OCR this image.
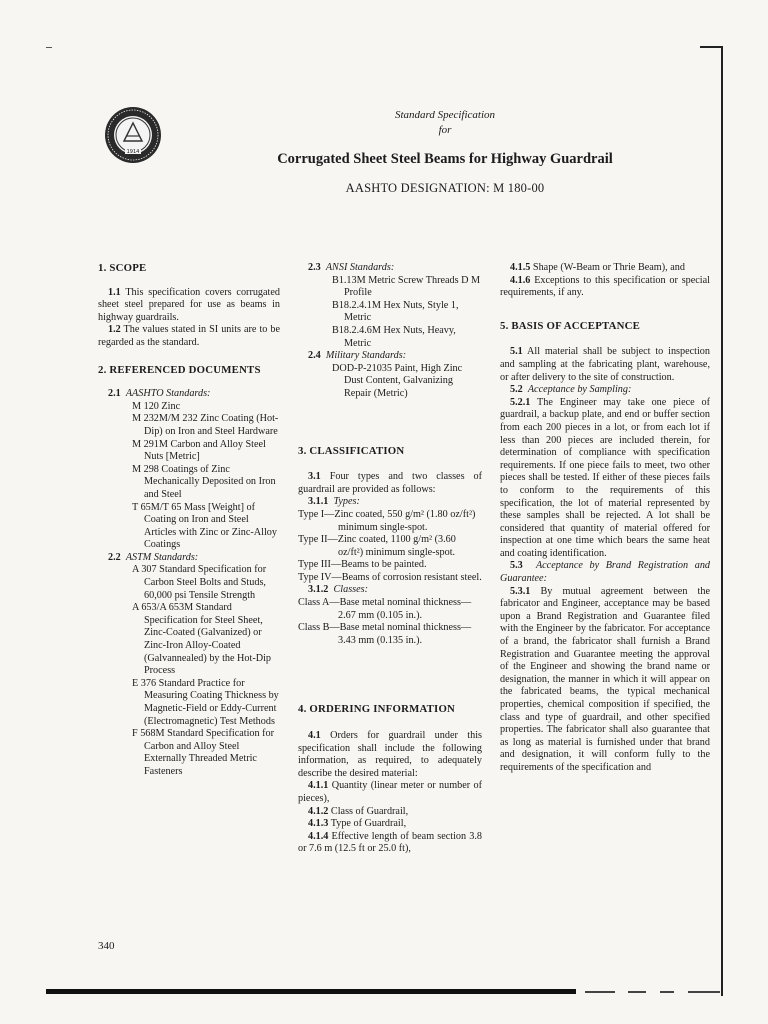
1914
Standard Specification
for
Corrugated Sheet Steel Beams for Highway Guardrail
AASHTO DESIGNATION: M 180-00

1. SCOPE

1.1 This specification covers corrugated sheet steel prepared for use as beams in highway guardrails.

1.2 The values stated in SI units are to be regarded as the standard.

2. REFERENCED DOCUMENTS

2.1 AASHTO Standards:

M 120 Zinc

M 232M/M 232 Zinc Coating (Hot-Dip) on Iron and Steel Hardware

M 291M Carbon and Alloy Steel Nuts [Metric]

M 298 Coatings of Zinc Mechanically Deposited on Iron and Steel

T 65M/T 65 Mass [Weight] of Coating on Iron and Steel Articles with Zinc or Zinc-Alloy Coatings

2.2 ASTM Standards:

A 307 Standard Specification for Carbon Steel Bolts and Studs, 60,000 psi Tensile Strength

A 653/A 653M Standard Specification for Steel Sheet, Zinc-Coated (Galvanized) or Zinc-Iron Alloy-Coated (Galvannealed) by the Hot-Dip Process

E 376 Standard Practice for Measuring Coating Thickness by Magnetic-Field or Eddy-Current (Electromagnetic) Test Methods

F 568M Standard Specification for Carbon and Alloy Steel Externally Threaded Metric Fasteners

2.3 ANSI Standards:

B1.13M Metric Screw Threads D M Profile

B18.2.4.1M Hex Nuts, Style 1, Metric

B18.2.4.6M Hex Nuts, Heavy, Metric

2.4 Military Standards:

DOD-P-21035 Paint, High Zinc Dust Content, Galvanizing Repair (Metric)

3. CLASSIFICATION

3.1 Four types and two classes of guardrail are provided as follows:

3.1.1 Types:

Type I—Zinc coated, 550 g/m² (1.80 oz/ft²) minimum single-spot.

Type II—Zinc coated, 1100 g/m² (3.60 oz/ft²) minimum single-spot.

Type III—Beams to be painted.

Type IV—Beams of corrosion resistant steel.

3.1.2 Classes:

Class A—Base metal nominal thickness—2.67 mm (0.105 in.).

Class B—Base metal nominal thickness—3.43 mm (0.135 in.).

4. ORDERING INFORMATION

4.1 Orders for guardrail under this specification shall include the following information, as required, to adequately describe the desired material:

4.1.1 Quantity (linear meter or number of pieces),

4.1.2 Class of Guardrail,

4.1.3 Type of Guardrail,

4.1.4 Effective length of beam section 3.8 or 7.6 m (12.5 ft or 25.0 ft),

4.1.5 Shape (W-Beam or Thrie Beam), and

4.1.6 Exceptions to this specification or special requirements, if any.

5. BASIS OF ACCEPTANCE

5.1 All material shall be subject to inspection and sampling at the fabricating plant, warehouse, or after delivery to the site of construction.

5.2 Acceptance by Sampling:

5.2.1 The Engineer may take one piece of guardrail, a backup plate, and end or buffer section from each 200 pieces in a lot, or from each lot if less than 200 pieces are included therein, for determination of compliance with specification requirements. If one piece fails to meet, two other pieces shall be tested. If either of these pieces fails to conform to the requirements of this specification, the lot of material represented by these samples shall be rejected. A lot shall be considered that quantity of material offered for inspection at one time which bears the same heat and coating identification.

5.3 Acceptance by Brand Registration and Guarantee:

5.3.1 By mutual agreement between the fabricator and Engineer, acceptance may be based upon a Brand Registration and Guarantee filed with the Engineer by the fabricator. For acceptance of a brand, the fabricator shall furnish a Brand Registration and Guarantee meeting the approval of the Engineer and showing the brand name or designation, the manner in which it will appear on the fabricated beams, the typical mechanical properties, chemical composition if specified, the class and type of guardrail, and other specified properties. The fabricator shall also guarantee that as long as material is furnished under that brand and designation, it will conform fully to the requirements of the specification and

340
